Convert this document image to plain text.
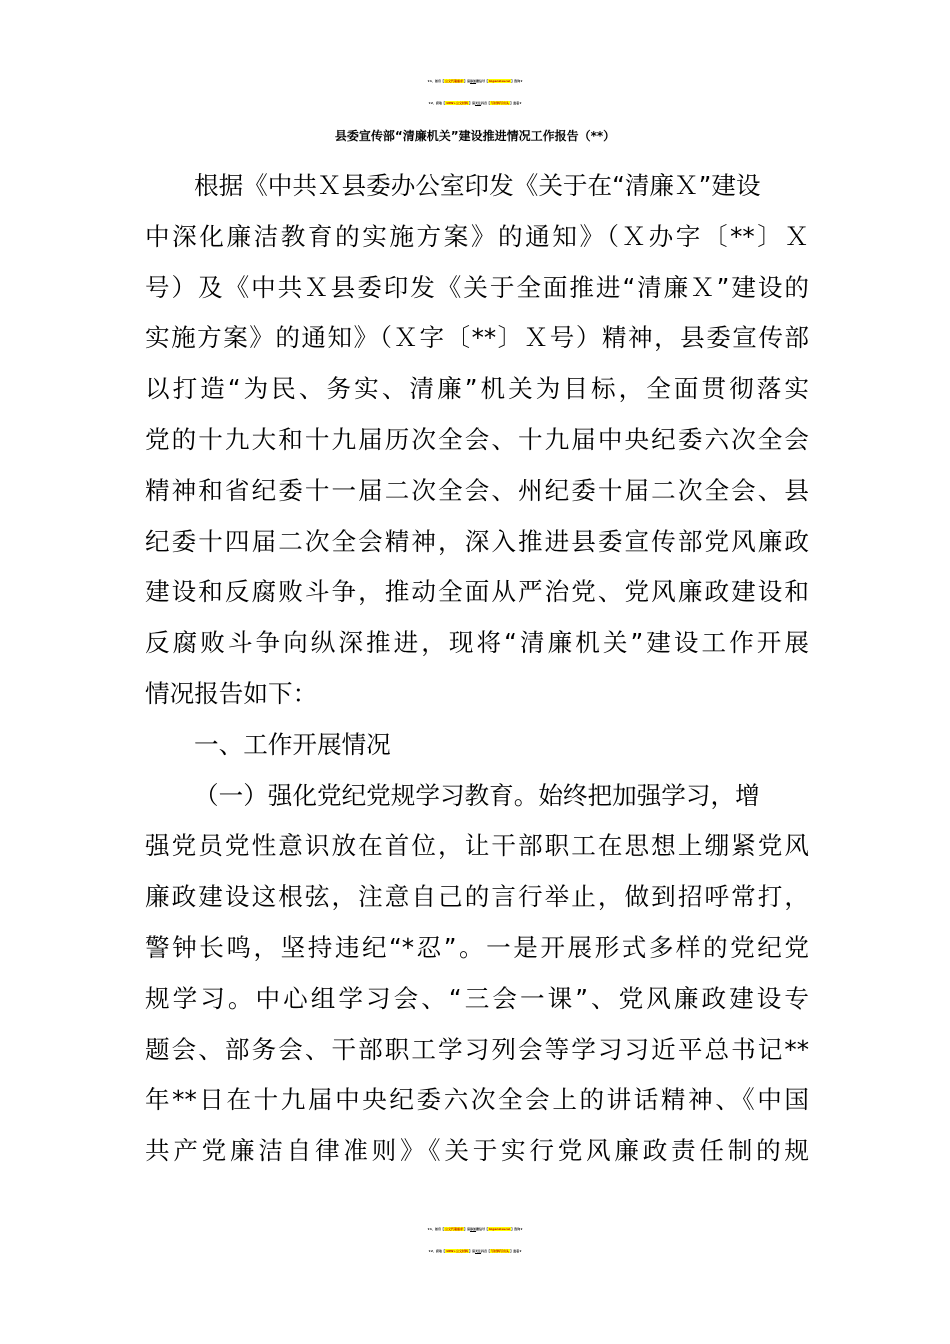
★1、如有【公文代笔需求】请添加微信号【biganzisucai】咨询★
★2、获取【10W+公文材料】请关注抖音【写材料写出头】查看★
县委宣传部“清廉机关”建设推进情况工作报告（**）
根据《中共Ｘ县委办公室印发《关于在“清廉Ｘ”建设
中深化廉洁教育的实施方案》的通知》（Ｘ办字〔**〕Ｘ
号）及《中共Ｘ县委印发《关于全面推进“清廉Ｘ”建设的
实施方案》的通知》（Ｘ字〔**〕Ｘ号）精神，县委宣传部
以打造“为民、务实、清廉”机关为目标，全面贯彻落实
党的十九大和十九届历次全会、十九届中央纪委六次全会
精神和省纪委十一届二次全会、州纪委十届二次全会、县
纪委十四届二次全会精神，深入推进县委宣传部党风廉政
建设和反腐败斗争，推动全面从严治党、党风廉政建设和
反腐败斗争向纵深推进，现将“清廉机关”建设工作开展
情况报告如下：
一、工作开展情况
（一）强化党纪党规学习教育。始终把加强学习，增
强党员党性意识放在首位，让干部职工在思想上绷紧党风
廉政建设这根弦，注意自己的言行举止，做到招呼常打，
警钟长鸣，坚持违纪“*忍”。一是开展形式多样的党纪党
规学习。中心组学习会、“三会一课”、党风廉政建设专
题会、部务会、干部职工学习列会等学习习近平总书记**
年**日在十九届中央纪委六次全会上的讲话精神、《中国
共产党廉洁自律准则》《关于实行党风廉政责任制的规
★1、如有【公文代笔需求】请添加微信号【biganzisucai】咨询★
★2、获取【10W+公文材料】请关注抖音【写材料写出头】查看★
